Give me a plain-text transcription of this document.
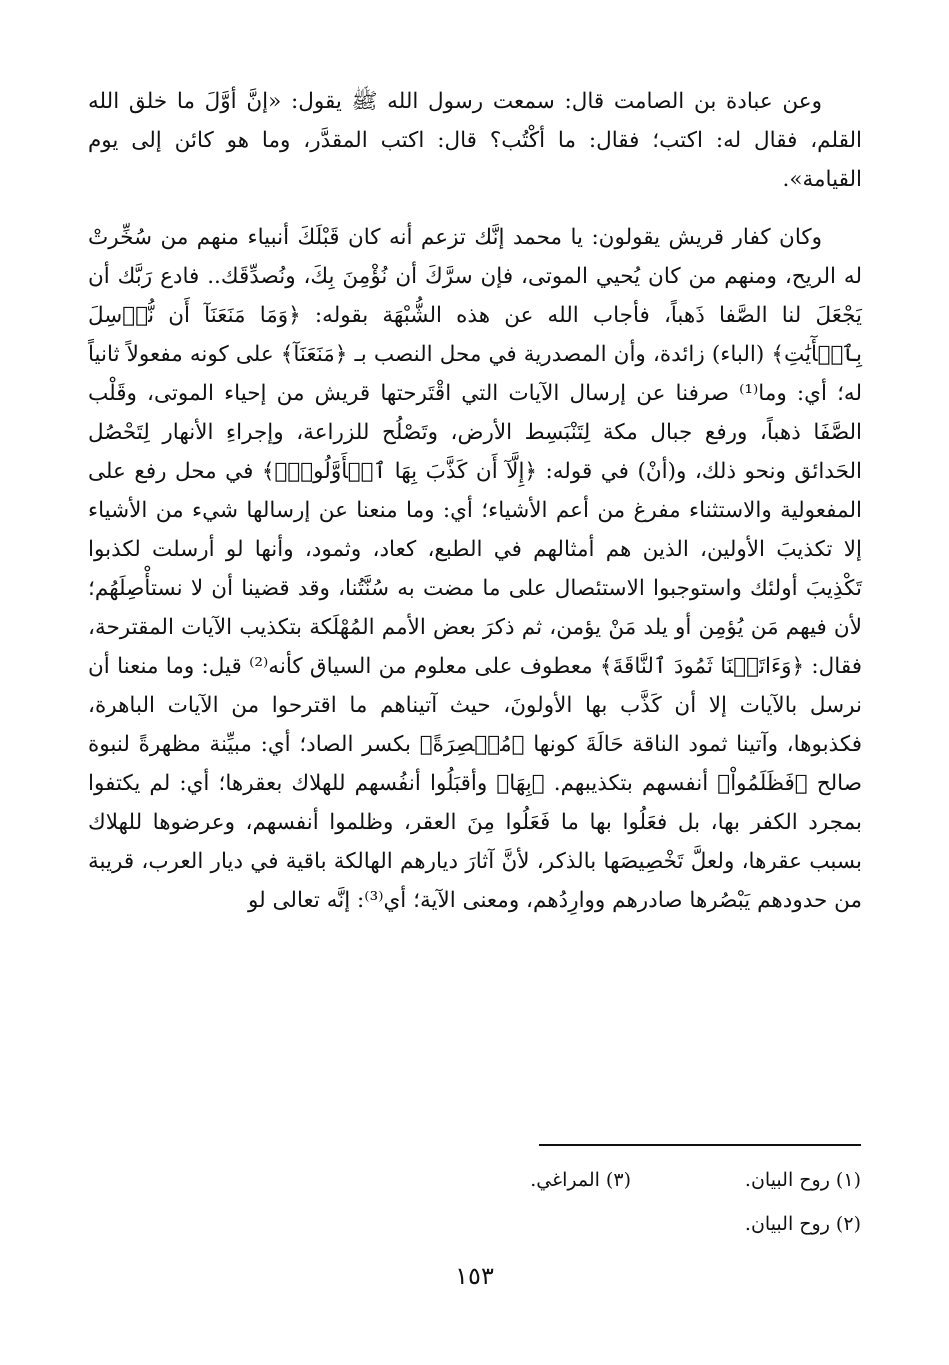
وعن عبادة بن الصامت قال: سمعت رسول الله ﷺ يقول: «إنَّ أوَّلَ ما خلق الله القلم، فقال له: اكتب؛ فقال: ما أكْتُب؟ قال: اكتب المقدَّر، وما هو كائن إلى يوم القيامة».

وكان كفار قريش يقولون: يا محمد إنَّك تزعم أنه كان قَبْلَكَ أنبياء منهم من سُخِّرتْ له الريح، ومنهم من كان يُحيي الموتى، فإن سرَّكَ أن نُؤْمِنَ بِكَ، ونُصدِّقَك.. فادع رَبَّك أن يَجْعَلَ لنا الصَّفا ذَهباً، فأجاب الله عن هذه الشُّبْهَة بقوله: ﴿وَمَا مَنَعَنَآ أَن نُّرۡسِلَ بِٱلۡأٓيَٰتِ﴾ (الباء) زائدة، وأن المصدرية في محل النصب بـ ﴿مَنَعَنَآ﴾ على كونه مفعولاً ثانياً له؛ أي: وما⁽¹⁾ صرفنا عن إرسال الآيات التي اقْتَرحتها قريش من إحياء الموتى، وقَلْب الصَّفَا ذهباً، ورفع جبال مكة لِتَنْبَسِط الأرض، وتَصْلُح للزراعة، وإجراءِ الأنهار لِتَحْصُل الحَدائق ونحو ذلك، و(أنْ) في قوله: ﴿إِلَّآ أَن كَذَّبَ بِهَا ٱلۡأَوَّلُونَۚ﴾ في محل رفع على المفعولية والاستثناء مفرغ من أعم الأشياء؛ أي: وما منعنا عن إرسالها شيء من الأشياء إلا تكذيبَ الأولين، الذين هم أمثالهم في الطبع، كعاد، وثمود، وأنها لو أرسلت لكذبوا تَكْذِيبَ أولئك واستوجبوا الاستئصال على ما مضت به سُنَّتُنا، وقد قضينا أن لا نستأْصِلَهُم؛ لأن فيهم مَن يُؤمِن أو يلد مَنْ يؤمن، ثم ذكرَ بعض الأمم المُهْلَكة بتكذيب الآيات المقترحة، فقال: ﴿وَءَاتَيۡنَا ثَمُودَ ٱلنَّاقَةَ﴾ معطوف على معلوم من السياق كأنه⁽²⁾ قيل: وما منعنا أن نرسل بالآيات إلا أن كَذَّب بها الأولونَ، حيث آتيناهم ما اقترحوا من الآيات الباهرة، فكذبوها، وآتينا ثمود الناقة حَالَةَ كونها ﴿مُبۡصِرَةً﴾ بكسر الصاد؛ أي: مبيِّنة مظهرةً لنبوة صالح ﴿فَظَلَمُواْ﴾ أنفسهم بتكذيبهم. ﴿بِهَا﴾ وأقبَلُوا أنفُسهم للهلاك بعقرها؛ أي: لم يكتفوا بمجرد الكفر بها، بل فعَلُوا بها ما فَعَلُوا مِنَ العقر، وظلموا أنفسهم، وعرضوها للهلاك بسبب عقرها، ولعلَّ تَخْصِيصَها بالذكر، لأنَّ آثارَ ديارهم الهالكة باقية في ديار العرب، قريبة من حدودهم يَبْصُرها صادرهم ووارِدُهم، ومعنى الآية؛ أي⁽³⁾: إنَّه تعالى لو

(١) روح البيان.
(٣) المراغي.
(٢) روح البيان.
١٥٣
